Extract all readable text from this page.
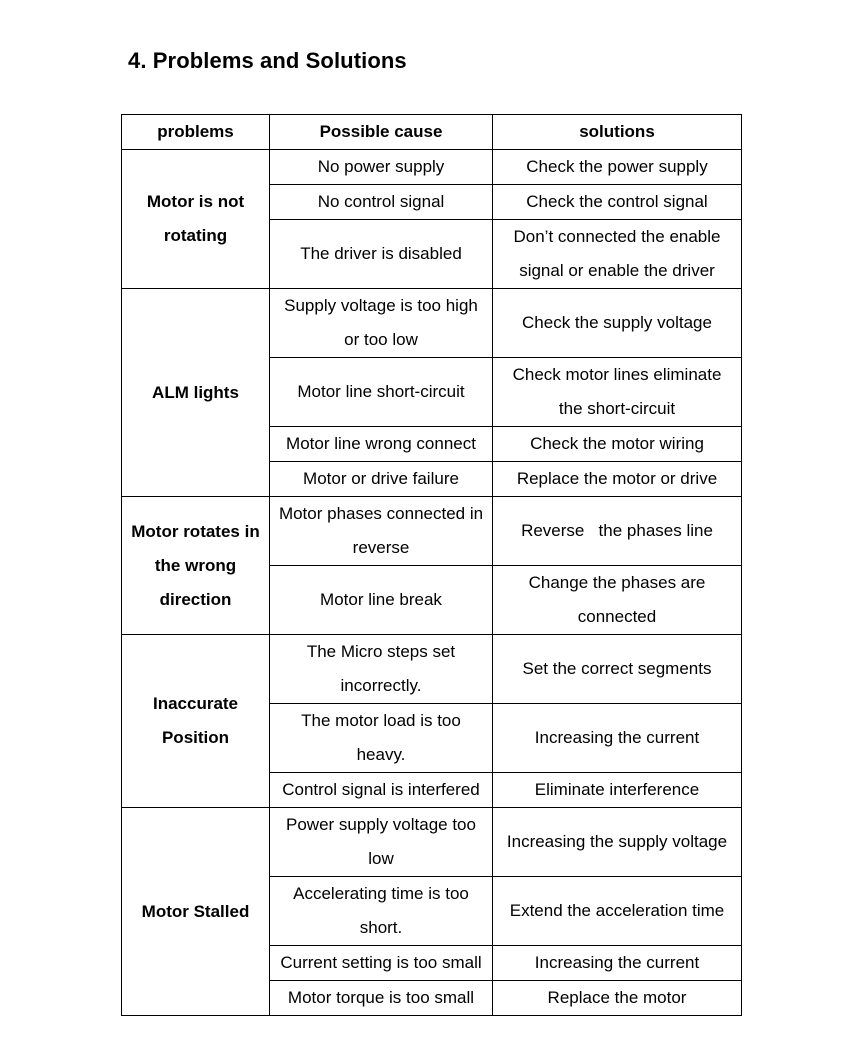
4. Problems and Solutions
problems	Possible cause	solutions
Motor is not rotating	No power supply	Check the power supply
	No control signal	Check the control signal
	The driver is disabled	Don’t connected the enable signal or enable the driver
ALM lights	Supply voltage is too high or too low	Check the supply voltage
	Motor line short-circuit	Check motor lines eliminate the short-circuit
	Motor line wrong connect	Check the motor wiring
	Motor or drive failure	Replace the motor or drive
Motor rotates in the wrong direction	Motor phases connected in reverse	Reverse   the phases line
	Motor line break	Change the phases are connected
Inaccurate Position	The Micro steps set incorrectly.	Set the correct segments
	The motor load is too heavy.	Increasing the current
	Control signal is interfered	Eliminate interference
Motor Stalled	Power supply voltage too low	Increasing the supply voltage
	Accelerating time is too short.	Extend the acceleration time
	Current setting is too small	Increasing the current
	Motor torque is too small	Replace the motor
